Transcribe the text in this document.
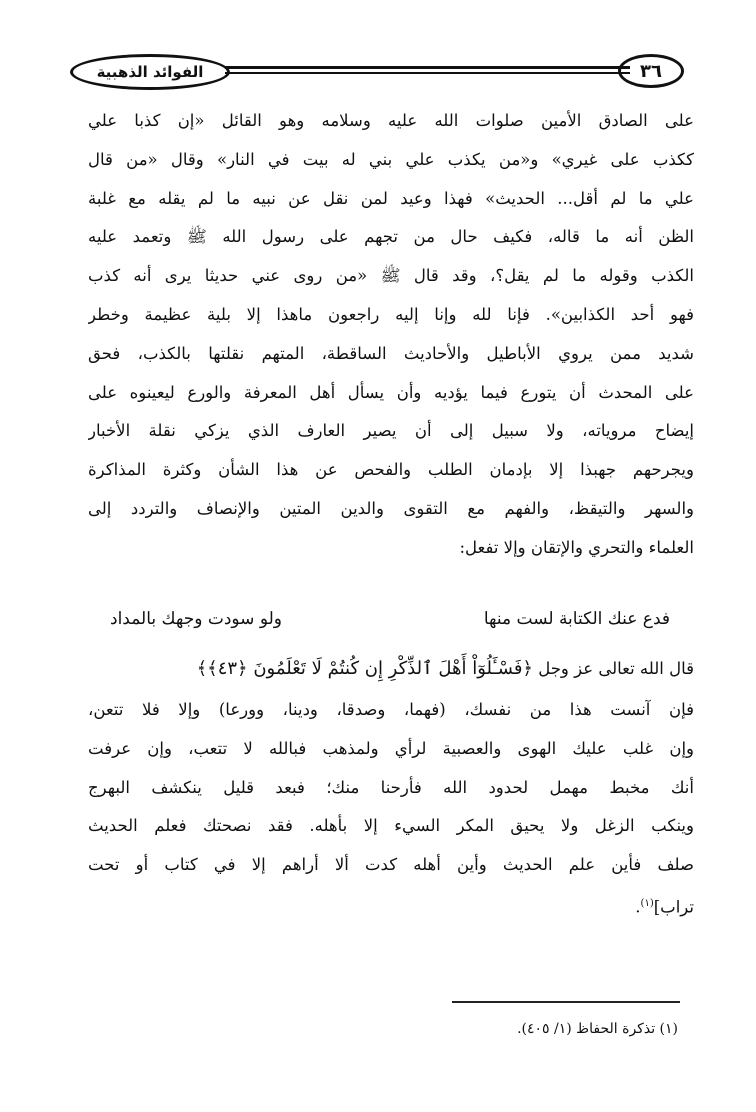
الفوائد الذهبية	٣٦
على الصادق الأمين صلوات الله عليه وسلامه وهو القائل «إن كذبا علي
ككذب على غيري» و«من يكذب علي بني له بيت في النار» وقال «من قال
علي ما لم أقل... الحديث» فهذا وعيد لمن نقل عن نبيه ما لم يقله مع غلبة
الظن أنه ما قاله، فكيف حال من تجهم على رسول الله ﷺ وتعمد عليه
الكذب وقوله ما لم يقل؟، وقد قال ﷺ «من روى عني حديثا يرى أنه كذب
فهو أحد الكذابين». فإنا لله وإنا إليه راجعون ماهذا إلا بلية عظيمة وخطر
شديد ممن يروي الأباطيل والأحاديث الساقطة، المتهم نقلتها بالكذب، فحق
على المحدث أن يتورع فيما يؤديه وأن يسأل أهل المعرفة والورع ليعينوه على
إيضاح مروياته، ولا سبيل إلى أن يصير العارف الذي يزكي نقلة الأخبار
ويجرحهم جهبذا إلا بإدمان الطلب والفحص عن هذا الشأن وكثرة المذاكرة
والسهر والتيقظ، والفهم مع التقوى والدين المتين والإنصاف والتردد إلى
العلماء والتحري والإتقان وإلا تفعل:
فدع عنك الكتابة لست منها
ولو سودت وجهك بالمداد
قال الله تعالى عز وجل ﴿فَسْـَٔلُوٓاْ أَهْلَ ٱلذِّكْرِ إِن كُنتُمْ لَا تَعْلَمُونَ ﴿٤٣﴾﴾
فإن آنست هذا من نفسك، (فهما، وصدقا، ودينا، وورعا) وإلا فلا تتعن،
وإن غلب عليك الهوى والعصبية لرأي ولمذهب فبالله لا تتعب، وإن عرفت
أنك مخبط مهمل لحدود الله فأرحنا منك؛ فبعد قليل ينكشف البهرج
وينكب الزغل ولا يحيق المكر السيء إلا بأهله. فقد نصحتك فعلم الحديث
صلف فأين علم الحديث وأين أهله كدت ألا أراهم إلا في كتاب أو تحت
تراب]$^{(١)}$.
(١) تذكرة الحفاظ (١/ ٤٠٥).
